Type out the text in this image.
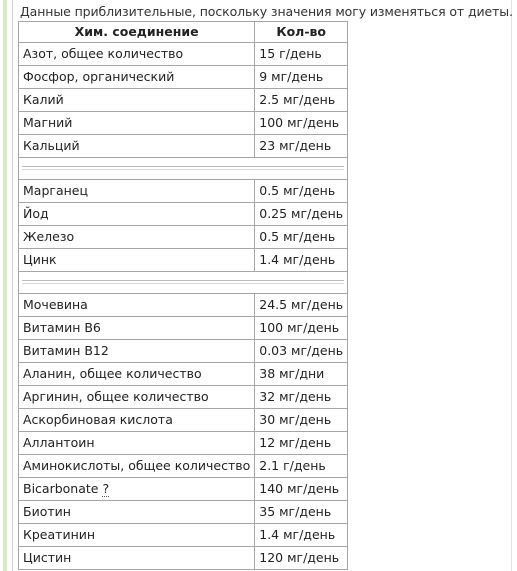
Данные приблизительные, поскольку значения могу изменяться от диеты.
Хим. соединение	Кол-во
Азот, общее количество	15 г/день
Фосфор, органический	9 мг/день
Калий	2.5 мг/день
Магний	100 мг/день
Кальций	23 мг/день

Марганец	0.5 мг/день
Йод	0.25 мг/день
Железо	0.5 мг/день
Цинк	1.4 мг/день

Мочевина	24.5 мг/день
Витамин В6	100 мг/день
Витамин В12	0.03 мг/день
Аланин, общее количество	38 мг/дни
Аргинин, общее количество	32 мг/день
Аскорбиновая кислота	30 мг/день
Аллантоин	12 мг/день
Аминокислоты, общее количество	2.1 г/день
Bicarbonate ?	140 мг/день
Биотин	35 мг/день
Креатинин	1.4 мг/день
Цистин	120 мг/день
